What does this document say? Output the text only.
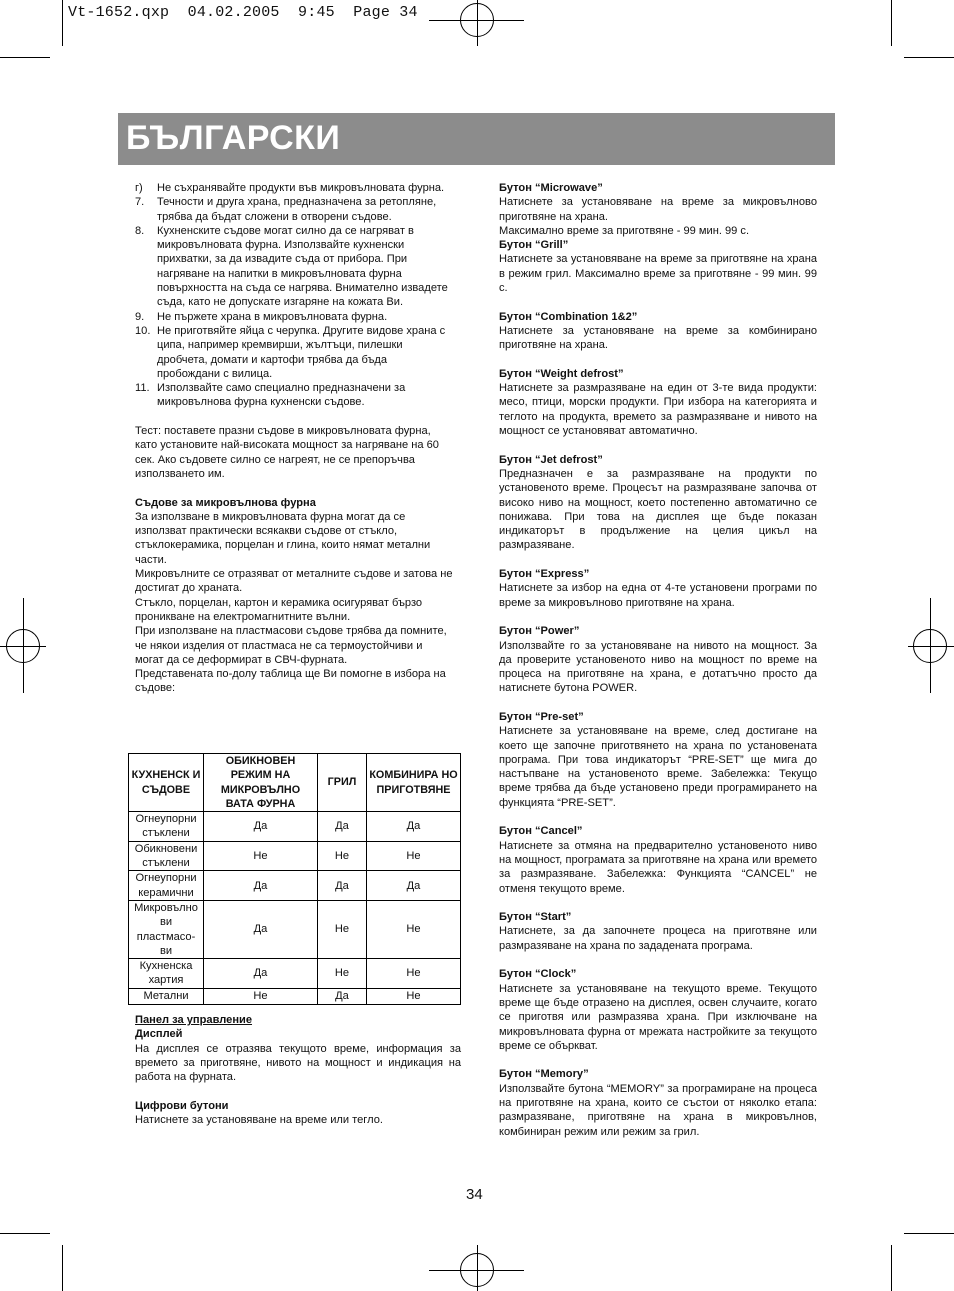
Vt-1652.qxp  04.02.2005  9:45  Page 34
БЪЛГАРСКИ
г)	Не съхранявайте продукти във микровълновата фурна.
7.	Течности и друга храна, предназначена за ретопляне, трябва да бъдат сложени в отворени съдове.
8.	Кухненските съдове могат силно да се нагряват в микровълновата фурна. Използвайте кухненски прихватки, за да извадите съда от прибора. При нагряване на напитки в микровълновата фурна повърхността на съда се нагрява. Внимателно извадете съда, като не допускате изгаряне на кожата Ви.
9.	Не пържете храна в микровълновата фурна.
10. Не приготвяйте яйца с черупка. Другите видове храна с ципа, например кремвирши, жълтъци, пилешки дробчета, домати и картофи трябва да бъда пробождани с вилица.
11. Използвайте само специално предназначени за микровълнова фурна кухненски съдове.

Тест: поставете празни съдове в микровълновата фурна, като установите най-високата мощност за нагряване на 60 сек. Ако съдовете силно се нагреят, не се препоръчва използването им.

Съдове за микровълнова фурна

За използване в микровълновата фурна могат да се използват практически всякакви съдове от стъкло, стъклокерамика, порцелан и глина, които нямат метални части.

Микровълните се отразяват от металните съдове и затова не достигат до храната.

Стъкло, порцелан, картон и керамика осигуряват бързо проникване на електромагнитните вълни.

При използване на пластмасови съдове трябва да помните, че някои изделия от пластмаса не са термоустойчиви и могат да се деформират в СВЧ-фурната.

Представената по-долу таблица ще Ви помогне в избора на съдове:

КУХНЕНСК И СЪДОВЕ	ОБИКНОВЕН РЕЖИМ НА МИКРОВЪЛНО ВАТА ФУРНА	ГРИЛ	КОМБИНИРА НО ПРИГОТВЯНЕ
Огнеупорни стъклени	Да	Да	Да
Обикновени стъклени	Не	Не	Не
Огнеупорни керамични	Да	Да	Да
Микровълно ви пластмасо-ви	Да	Не	Не
Кухненска хартия	Да	Не	Не
Метални	Не	Да	Не

Панел за управление

Дисплей

На дисплея се отразява текущото време, информация за времето за приготвяне, нивото на мощност и индикация на работа на фурната.

Цифрови бутони

Натиснете за установяване на време или тегло.

Бутон “Microwave”

Натиснете за установяване на време за микровълново приготвяне на храна.

Максимално време за приготвяне - 99 мин. 99 с.

Бутон “Grill”

Натиснете за установяване на време за приготвяне на храна в режим грил. Максимално време за приготвяне - 99 мин. 99 с.

Бутон “Combination 1&2”

Натиснете за установяване на време за комбинирано приготвяне на храна.

Бутон “Weight defrost”

Натиснете за размразяване на един от 3-те вида продукти: месо, птици, морски продукти. При избора на категорията и теглото на продукта, времето за размразяване и нивото на мощност се установяват автоматично.

Бутон “Jet defrost”

Предназначен е за размразяване на продукти по установеното време. Процесът на размразяване започва от високо ниво на мощност, което постепенно автоматично се понижава. При това на дисплея ще бъде показан индикаторът в продължение на целия цикъл на размразяване.

Бутон “Express”

Натиснете за избор на една от 4-те установени програми по време за микровълново приготвяне на храна.

Бутон “Power”

Използвайте го за установяване на нивото на мощност. За да проверите установеното ниво на мощност по време на процеса на приготвяне на храна, е дотатъчно просто да натиснете бутона POWER.

Бутон “Pre-set”

Натиснете за установяване на време, след достигане на което ще започне приготвянето на храна по установената програма. При това индикаторът “PRE-SET” ще мига до настъпване на установеното време. Забележка: Текущо време трябва да бъде установено преди програмирането на функцията “PRE-SET”.

Бутон “Cancel”

Натиснете за отмяна на предварително установеното ниво на мощност, програмата за приготвяне на храна или времето за размразяване. Забележка: Функцията “CANCEL” не отменя текущото време.

Бутон “Start”

Натиснете, за да започнете процеса на приготвяне или размразяване на храна по зададената програма.

Бутон “Clock”

Натиснете за установяване на текущото време. Текущото време ще бъде отразено на дисплея, освен случаите, когато се приготвя или размразява храна. При изключване на микровълновата фурна от мрежата настройките за текущото време се объркват.

Бутон “Memory”

Използвайте бутона “MEMORY” за програмиране на процеса на приготвяне на храна, които се състои от няколко етапа: размразяване, приготвяне на храна в микровълнов, комбиниран режим или режим за грил.

34
